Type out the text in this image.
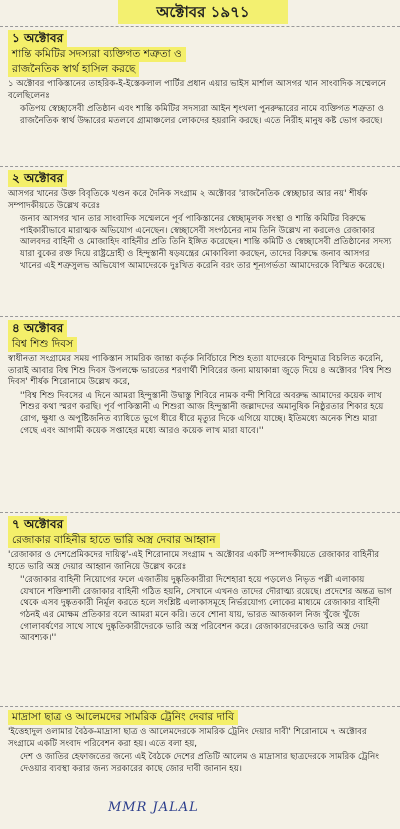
অক্টোবর ১৯৭১
১ অক্টোবর
শান্তি কমিটির সদস্যরা ব্যক্তিগত শত্রুতা ও
রাজনৈতিক স্বার্থ হাসিল করছে

১ অক্টোবর পাকিস্তানের তাহরিক-ই-ইস্তেকলাল পার্টির প্রধান এয়ার ভাইস মার্শাল আসগর খান সাংবাদিক সম্মেলনে বলেছিলেনঃ

কতিপয় স্বেচ্ছাসেবী প্রতিষ্ঠান এবং শান্তি কমিটির সদস্যরা আইন শৃংখলা পুনরুদ্ধারের নামে ব্যক্তিগত শত্রুতা ও রাজনৈতিক স্বার্থ উদ্ধারের মতলবে গ্রামাঞ্চলের লোকদের হয়রানি করছে। এতে নিরীহ মানুষ কষ্ট ভোগ করছে।

২ অক্টোবর

আসগর খানের উক্ত বিবৃতিকে খণ্ডন করে দৈনিক সংগ্রাম ২ অক্টোবর 'রাজনৈতিক স্বেচ্ছাচার আর নয়' শীর্ষক সম্পাদকীয়তে উল্লেখ করেঃ

জনাব আসগর খান তার সাংবাদিক সম্মেলনে পূর্ব পাকিস্তানের স্বেচ্ছামূলক সংস্থা ও শান্তি কমিটির বিরুদ্ধে পাইকারীভাবে মারাত্মক অভিযোগ এনেছেন। স্বেচ্ছাসেবী সংগঠনের নাম তিনি উল্লেখ না করলেও রেজাকার আলবদর বাহিনী ও মোজাহিদ বাহিনীর প্রতি তিনি ইঙ্গিত করেছেন। শান্তি কমিটি ও স্বেচ্ছাসেবী প্রতিষ্ঠানের সদস্য যারা বুকের রক্ত দিয়ে রাষ্ট্রদ্রোহী ও হিন্দুস্তানী ষড়যন্ত্রের মোকাবিলা করছেন, তাদের বিরুদ্ধে জনাব আসগর খানের এই শত্রুসুলভ অভিযোগ আমাদেরকে দুঃখিত করেনি বরং তার শূন্যগর্ভতা আমাদেরকে বিস্মিত করেছে।

৪ অক্টোবর
বিশ্ব শিশু দিবস

স্বাধীনতা সংগ্রামের সময় পাকিস্তান সামরিক জান্তা কর্তৃক নির্বিচারে শিশু হত্যা যাদেরকে বিন্দুমাত্র বিচলিত করেনি, তারাই আবার বিশ্ব শিশু দিবস উপলক্ষে ভারতের শরণার্থী শিবিরের জন্য মায়াকান্না জুড়ে দিয়ে ৪ অক্টোবর 'বিশ্ব শিশু দিবস' শীর্ষক শিরোনামে উল্লেখ করে,

''বিশ্ব শিশু দিবসের এ দিনে আমরা হিন্দুস্তানী উদ্বাস্তু শিবিরে নামক বন্দী শিবিরে অবরুদ্ধ আমাদের কয়েক লাখ শিশুর কথা স্মরণ করছি। পূর্ব পাকিস্তানী এ শিশুরা আজ হিন্দুস্তানী জল্লাদদের অমানুষিক নিষ্ঠুরতার শিকার হয়ে রোগ, ক্ষুধা ও অপুষ্টিজনিত ব্যাধিতে ভুগে ধীরে ধীরে মৃত্যুর দিকে এগিয়ে যাচ্ছে। ইতিমধ্যে অনেক শিশু মারা গেছে এবং আগামী কয়েক সপ্তাহের মধ্যে আরও কয়েক লাখ মারা যাবে।''

৭ অক্টোবর
রেজাকার বাহিনীর হাতে ভারি অস্ত্র দেবার আহ্বান

'রেজাকার ও দেশপ্রেমিকদের দায়িত্ব'-এই শিরোনামে সংগ্রাম ৭ অক্টোবর একটি সম্পাদকীয়তে রেজাকার বাহিনীর হাতে ভারি অস্ত্র দেয়ার আহ্বান জানিয়ে উল্লেখ করেঃ

''রেজাকার বাহিনী নিয়োগের ফলে এজাতীয় দুষ্কৃতিকারীরা দিশেহারা হয়ে পড়লেও নিভৃত পল্লী এলাকায় যেখানে শক্তিশালী রেজাকার বাহিনী গঠিত হয়নি, সেখানে এখনও তাদের দৌরাত্ম্য রয়েছে। প্রদেশের অন্তত্র ভাগ থেকে এসব দুষ্কৃতকারী নির্মূল করতে হলে সংশ্লিষ্ট এলাকাসমূহে নির্ভরযোগ্য লোকের মাধ্যমে রেজাকার বাহিনী গঠনই এর মোক্ষম প্রতিকার বলে আমরা মনে করি। তবে শোনা যায়, ভারত আজকাল নিজ খুঁজে খুঁজে গোলাবর্ষণের সাথে সাথে দুষ্কৃতিকারীদেরকে ভারি অস্ত্র পরিবেশন করে। রেজাকারদেরকেও ভারি অস্ত্র দেয়া আবশ্যক।''

মাদ্রাসা ছাত্র ও আলেমদের সামরিক ট্রেনিং দেবার দাবি

'ইত্তেহাদুল ওলামার বৈঠক-মাদ্রাসা ছাত্র ও আলেমদেরকে সামরিক ট্রেনিং দেয়ার দাবী' শিরোনামে ৭ অক্টোবর সংগ্রামে একটি সংবাদ পরিবেশন করা হয়। এতে বলা হয়,

দেশ ও জাতির হেফাজতের জন্যে এই বৈঠকে দেশের প্রতিটি আলেম ও মাদ্রাসার ছাত্রদেরকে সামরিক ট্রেনিং দেওয়ার ব্যবস্থা করার জন্য সরকারের কাছে জোর দাবী জানান হয়।

MMR JALAL
